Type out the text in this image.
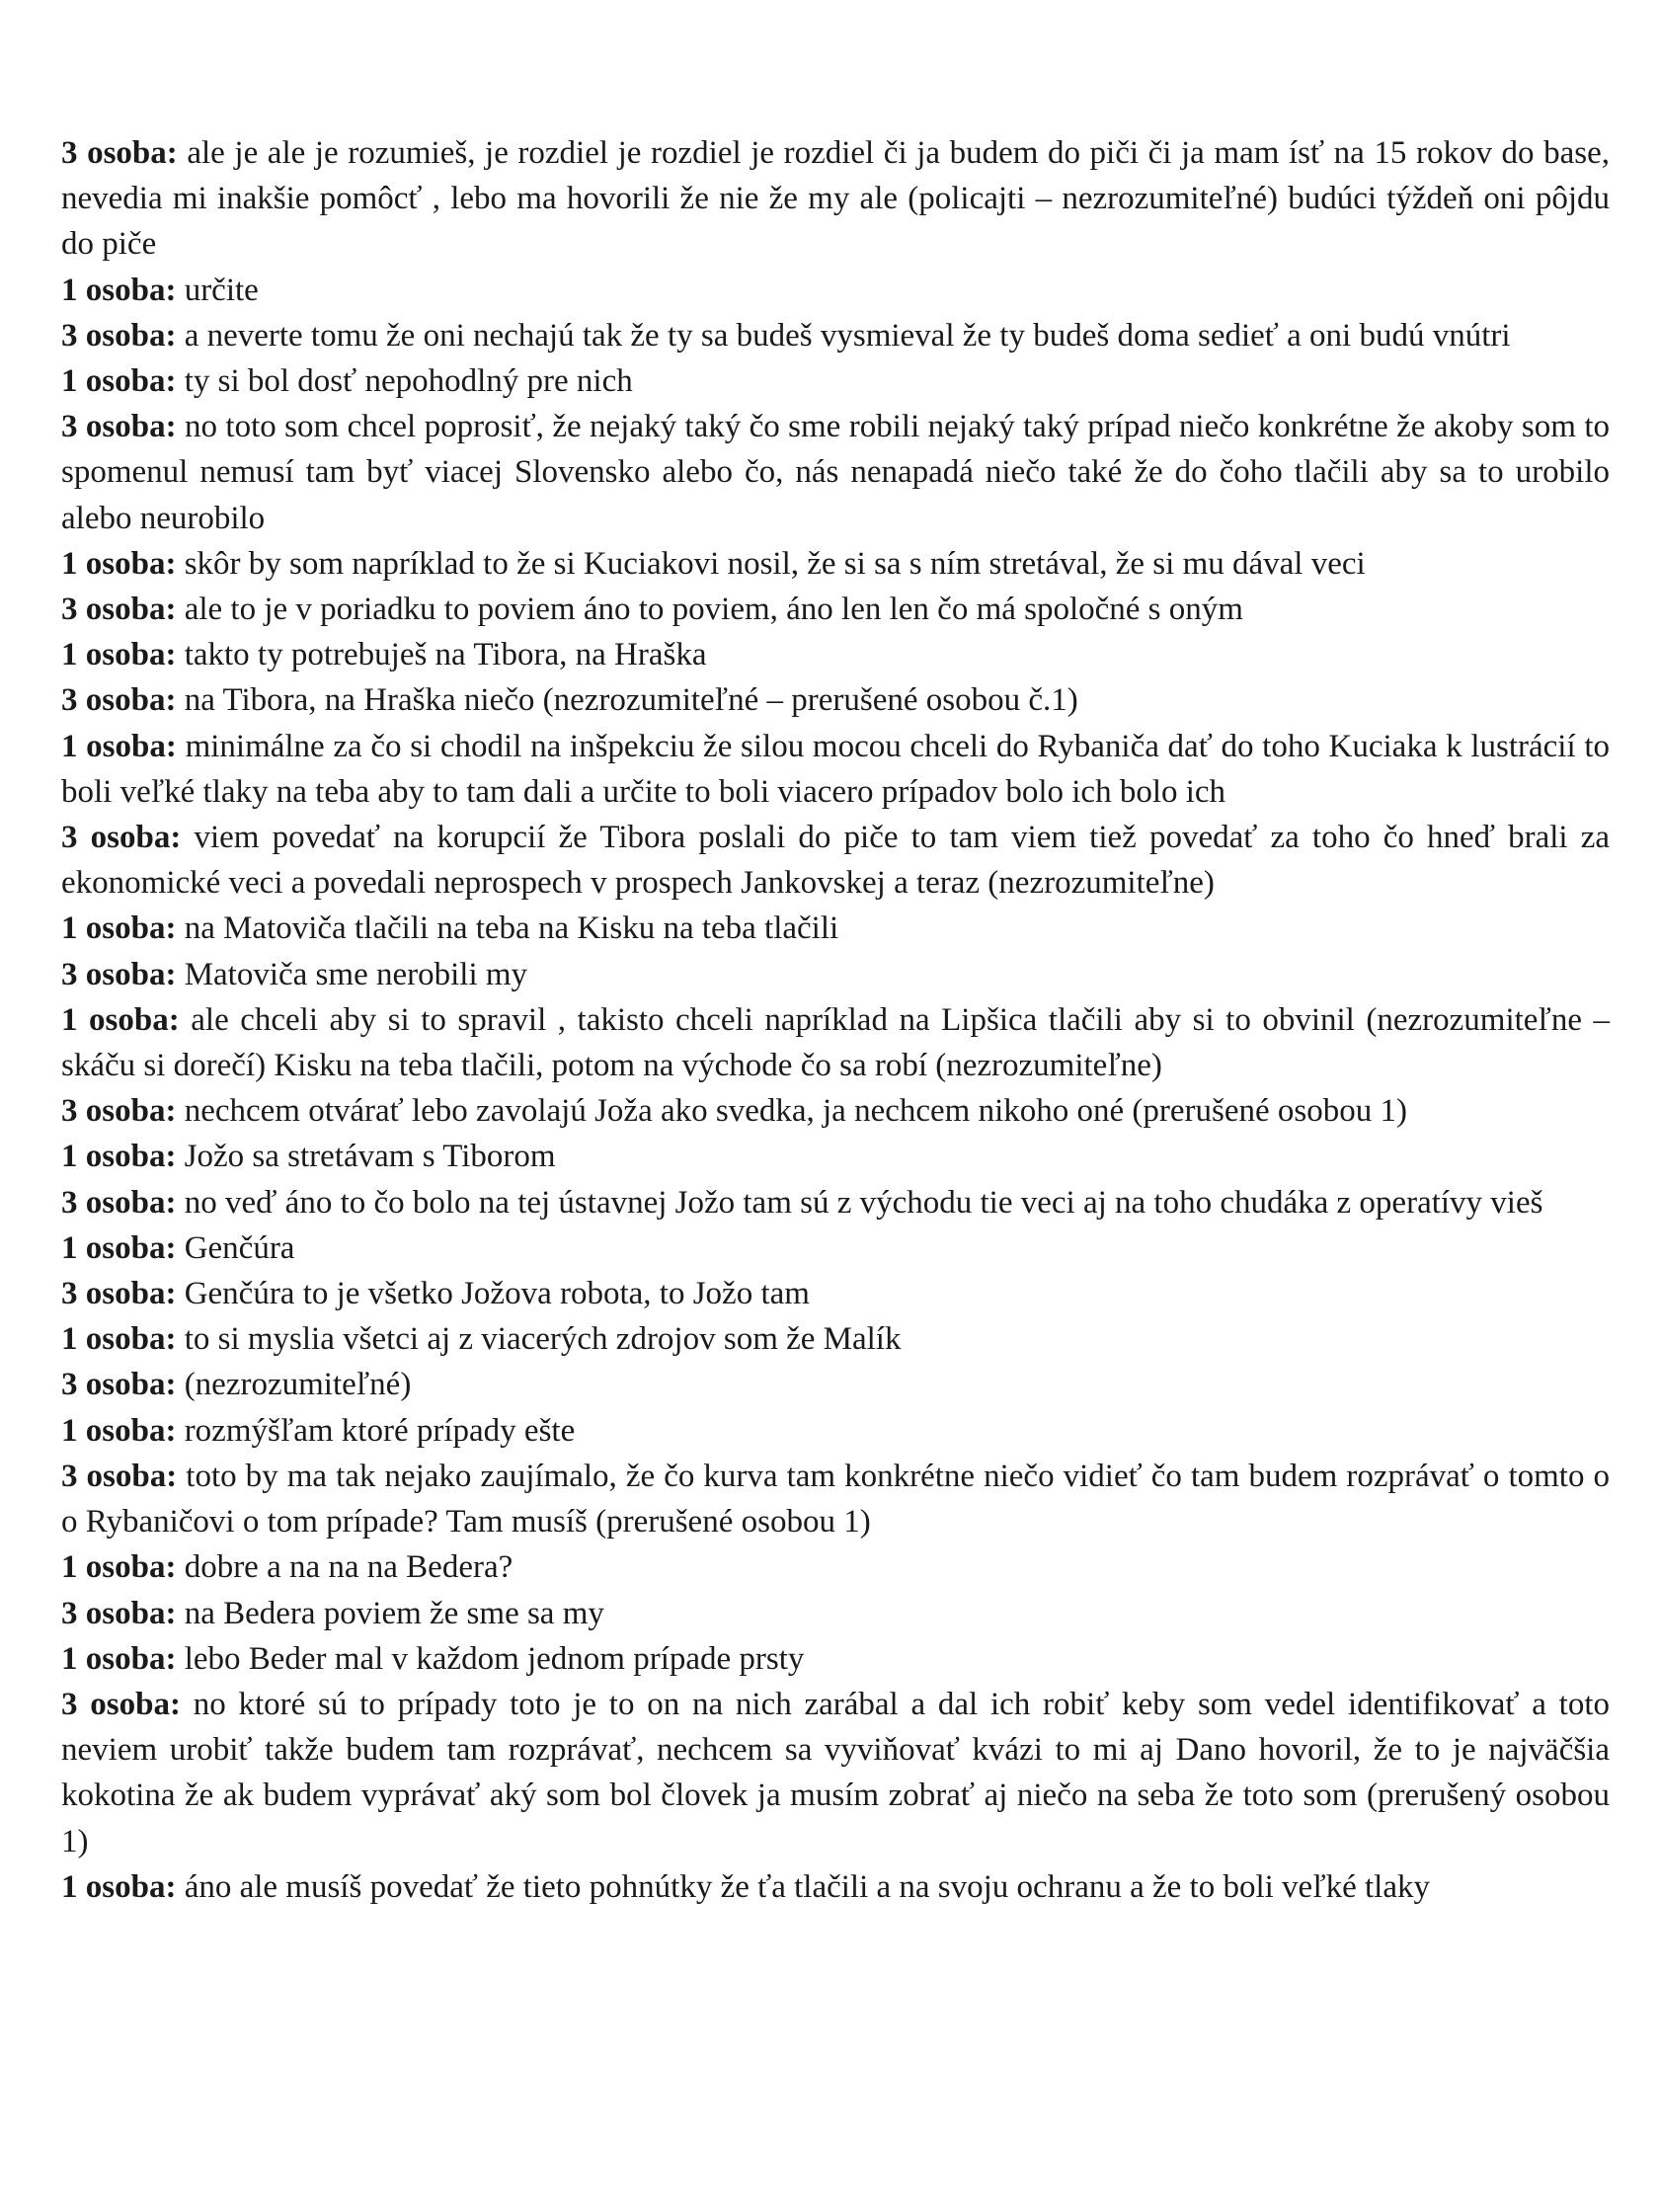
3 osoba: ale je ale je rozumieš, je rozdiel je rozdiel je rozdiel či ja budem do piči či ja mam ísť na 15 rokov do base, nevedia mi inakšie pomôcť , lebo ma hovorili že nie že my ale (policajti – nezrozumiteľné) budúci týždeň oni pôjdu do piče

1 osoba: určite

3 osoba: a neverte tomu že oni nechajú tak že ty sa budeš vysmieval že ty budeš doma sedieť a oni budú vnútri

1 osoba: ty si bol dosť nepohodlný pre nich

3 osoba: no toto som chcel poprosiť, že nejaký taký čo sme robili nejaký taký prípad niečo konkrétne že akoby som to spomenul nemusí tam byť viacej Slovensko alebo čo, nás nenapadá niečo také že do čoho tlačili aby sa to urobilo alebo neurobilo

1 osoba: skôr by som napríklad to že si Kuciakovi nosil, že si sa s ním stretával, že si mu dával veci

3 osoba: ale to je v poriadku to poviem áno to poviem, áno len len čo má spoločné s oným

1 osoba: takto ty potrebuješ na Tibora, na Hraška

3 osoba: na Tibora, na Hraška niečo (nezrozumiteľné – prerušené osobou č.1)

1 osoba: minimálne za čo si chodil na inšpekciu že silou mocou chceli do Rybaniča dať do toho Kuciaka k lustrácií to boli veľké tlaky na teba aby to tam dali a určite to boli viacero prípadov bolo ich bolo ich

3 osoba: viem povedať na korupcií že Tibora poslali do piče to tam viem tiež povedať za toho čo hneď brali za ekonomické veci a povedali neprospech v prospech Jankovskej a teraz (nezrozumiteľne)

1 osoba: na Matoviča tlačili na teba na Kisku na teba tlačili

3 osoba: Matoviča sme nerobili my

1 osoba: ale chceli aby si to spravil , takisto chceli napríklad na Lipšica tlačili aby si to obvinil (nezrozumiteľne – skáču si dorečí) Kisku na teba tlačili, potom na východe čo sa robí (nezrozumiteľne)

3 osoba: nechcem otvárať lebo zavolajú Joža ako svedka, ja nechcem nikoho oné (prerušené osobou 1)

1 osoba: Jožo sa stretávam s Tiborom

3 osoba: no veď áno to čo bolo na tej ústavnej Jožo tam sú z východu tie veci aj na toho chudáka z operatívy vieš

1 osoba: Genčúra

3 osoba: Genčúra to je všetko Jožova robota, to Jožo tam

1 osoba: to si myslia všetci aj z viacerých zdrojov som že Malík

3 osoba: (nezrozumiteľné)

1 osoba: rozmýšľam ktoré prípady ešte

3 osoba: toto by ma tak nejako zaujímalo, že čo kurva tam konkrétne niečo vidieť čo tam budem rozprávať o tomto o o Rybaničovi o tom prípade? Tam musíš (prerušené osobou 1)

1 osoba: dobre a na na na Bedera?

3 osoba: na Bedera poviem že sme sa my

1 osoba: lebo Beder mal v každom jednom prípade prsty

3 osoba: no ktoré sú to prípady toto je to on na nich zarábal a dal ich robiť keby som vedel identifikovať a toto neviem urobiť takže budem tam rozprávať, nechcem sa vyviňovať kvázi to mi aj Dano hovoril, že to je najväčšia kokotina že ak budem vyprávať aký som bol človek ja musím zobrať aj niečo na seba že toto som (prerušený osobou 1)

1 osoba: áno ale musíš povedať že tieto pohnútky že ťa tlačili a na svoju ochranu a že to boli veľké tlaky
